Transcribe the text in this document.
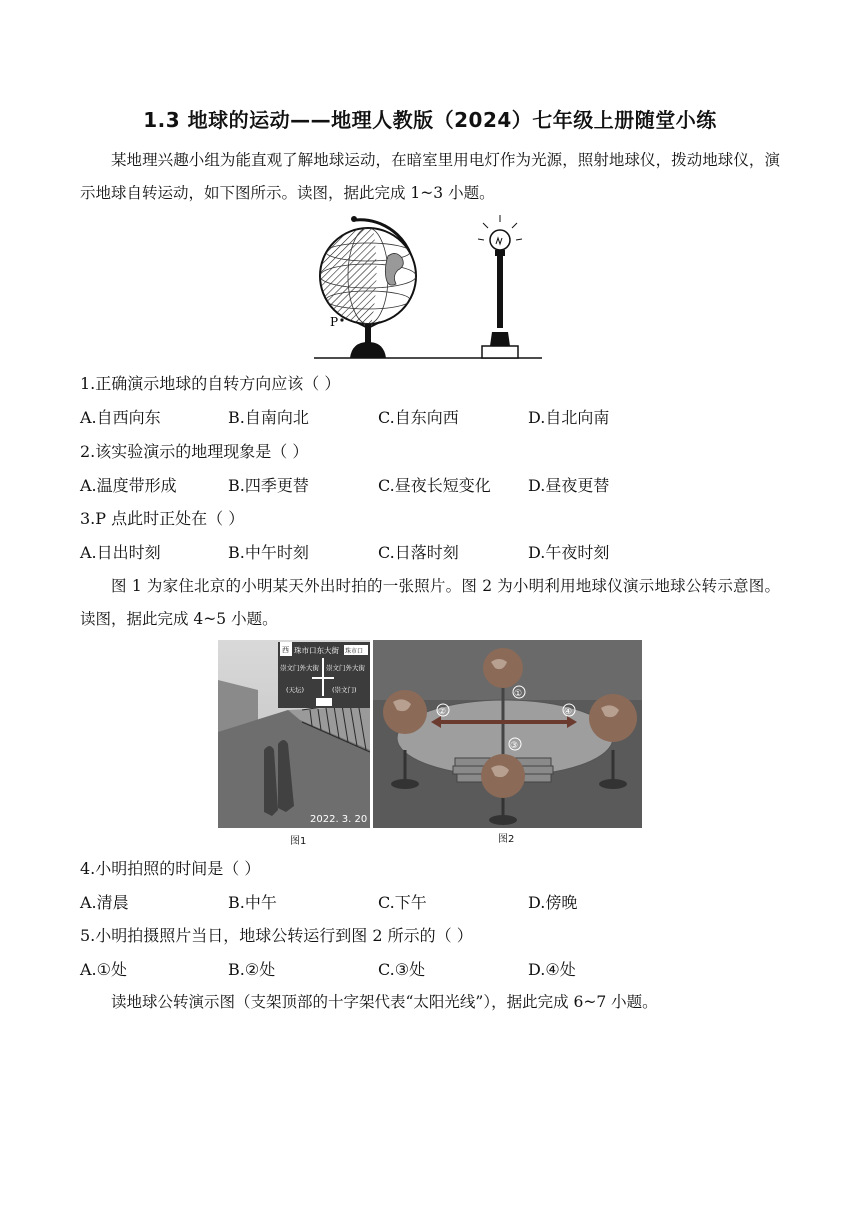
1.3 地球的运动——地理人教版（2024）七年级上册随堂小练
某地理兴趣小组为能直观了解地球运动，在暗室里用电灯作为光源，照射地球仪，拨动地球仪，演示地球自转运动，如下图所示。读图，据此完成 1~3 小题。
P
1.正确演示地球的自转方向应该（ ）
A.自西向东	B.自南向北	C.自东向西	D.自北向南
2.该实验演示的地理现象是（ ）
A.温度带形成	B.四季更替	C.昼夜长短变化 D.昼夜更替
3.P 点此时正处在（ ）
A.日出时刻	B.中午时刻	C.日落时刻	D.午夜时刻
图 1 为家住北京的小明某天外出时拍的一张照片。图 2 为小明利用地球仪演示地球公转示意图。读图，据此完成 4~5 小题。
西 珠市口东大街 珠市口
崇文门外大街
(天坛)
崇文门外大街
(崇文门)
2022. 3. 20
图1
①
②
③
④
图2
4.小明拍照的时间是（ ）
A.清晨	B.中午	C.下午	D.傍晚
5.小明拍摄照片当日，地球公转运行到图 2 所示的（ ）
A.①处	B.②处	C.③处	D.④处
读地球公转演示图（支架顶部的十字架代表“太阳光线”），据此完成 6~7 小题。
